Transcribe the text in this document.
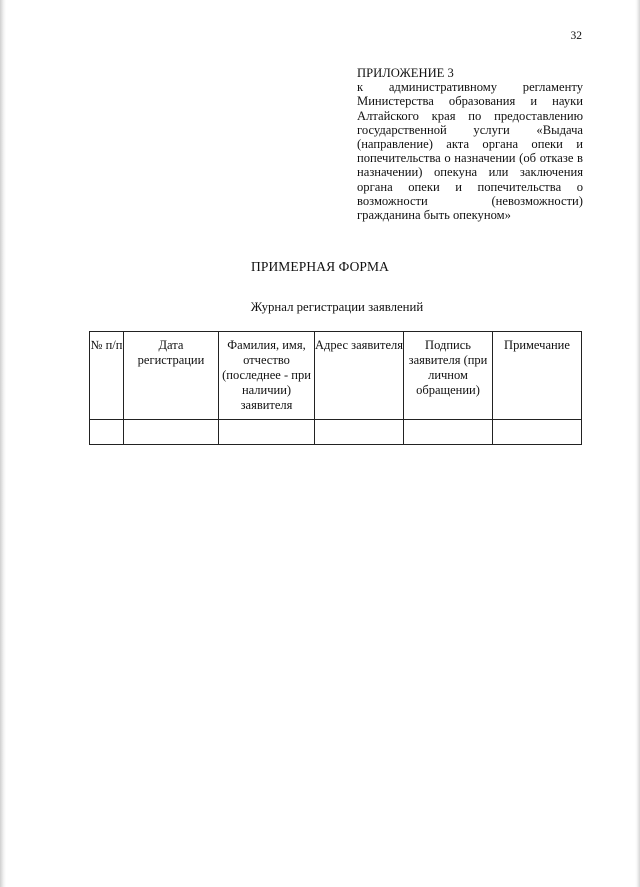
32
ПРИЛОЖЕНИЕ 3
к административному регламенту Министерства образования и науки Алтайского края по предоставлению государственной услуги «Выдача (направление) акта органа опеки и попечительства о назначении (об отказе в назначении) опекуна или заключения органа опеки и попечительства о возможности (невозможности) гражданина быть опекуном»
ПРИМЕРНАЯ ФОРМА
Журнал регистрации заявлений
№ п/п	Дата регистрации	Фамилия, имя, отчество (последнее - при наличии) заявителя	Адрес заявителя	Подпись заявителя (при личном обращении)	Примечание
